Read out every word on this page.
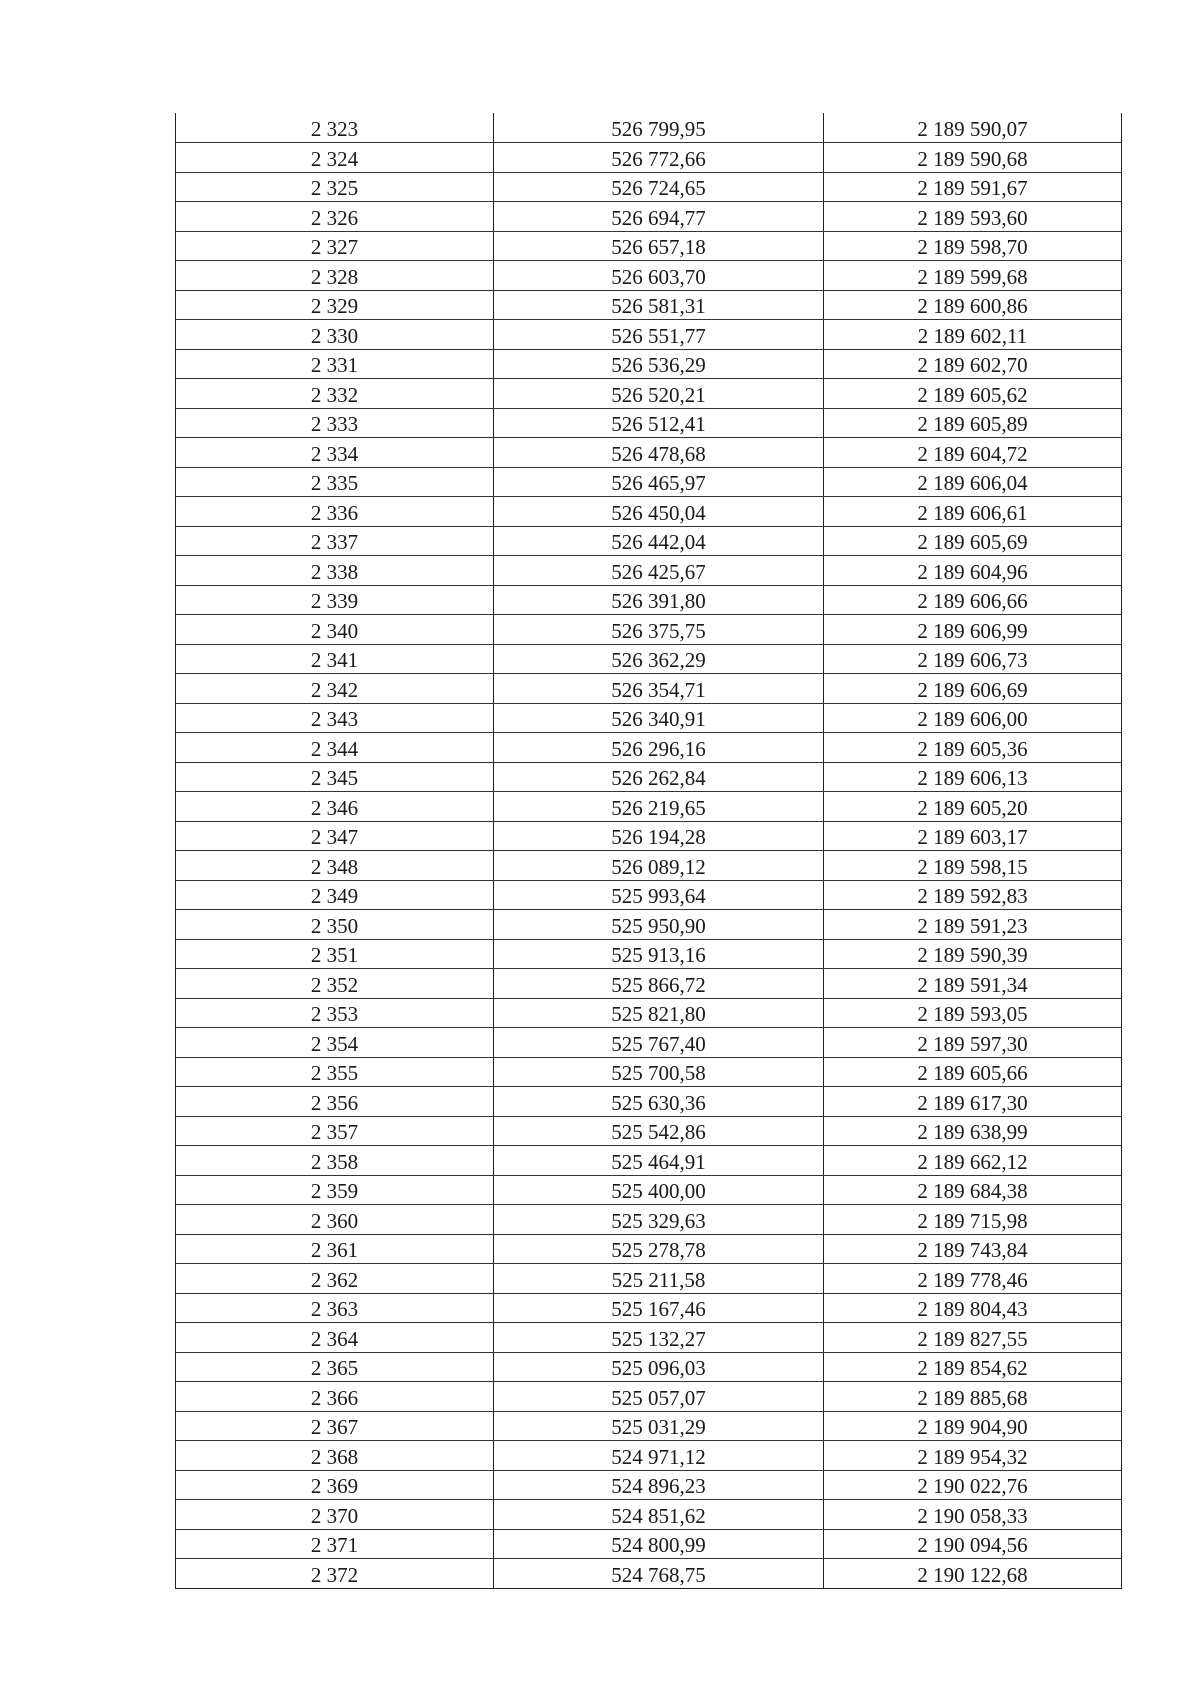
2 323	526 799,95	2 189 590,07
2 324	526 772,66	2 189 590,68
2 325	526 724,65	2 189 591,67
2 326	526 694,77	2 189 593,60
2 327	526 657,18	2 189 598,70
2 328	526 603,70	2 189 599,68
2 329	526 581,31	2 189 600,86
2 330	526 551,77	2 189 602,11
2 331	526 536,29	2 189 602,70
2 332	526 520,21	2 189 605,62
2 333	526 512,41	2 189 605,89
2 334	526 478,68	2 189 604,72
2 335	526 465,97	2 189 606,04
2 336	526 450,04	2 189 606,61
2 337	526 442,04	2 189 605,69
2 338	526 425,67	2 189 604,96
2 339	526 391,80	2 189 606,66
2 340	526 375,75	2 189 606,99
2 341	526 362,29	2 189 606,73
2 342	526 354,71	2 189 606,69
2 343	526 340,91	2 189 606,00
2 344	526 296,16	2 189 605,36
2 345	526 262,84	2 189 606,13
2 346	526 219,65	2 189 605,20
2 347	526 194,28	2 189 603,17
2 348	526 089,12	2 189 598,15
2 349	525 993,64	2 189 592,83
2 350	525 950,90	2 189 591,23
2 351	525 913,16	2 189 590,39
2 352	525 866,72	2 189 591,34
2 353	525 821,80	2 189 593,05
2 354	525 767,40	2 189 597,30
2 355	525 700,58	2 189 605,66
2 356	525 630,36	2 189 617,30
2 357	525 542,86	2 189 638,99
2 358	525 464,91	2 189 662,12
2 359	525 400,00	2 189 684,38
2 360	525 329,63	2 189 715,98
2 361	525 278,78	2 189 743,84
2 362	525 211,58	2 189 778,46
2 363	525 167,46	2 189 804,43
2 364	525 132,27	2 189 827,55
2 365	525 096,03	2 189 854,62
2 366	525 057,07	2 189 885,68
2 367	525 031,29	2 189 904,90
2 368	524 971,12	2 189 954,32
2 369	524 896,23	2 190 022,76
2 370	524 851,62	2 190 058,33
2 371	524 800,99	2 190 094,56
2 372	524 768,75	2 190 122,68
